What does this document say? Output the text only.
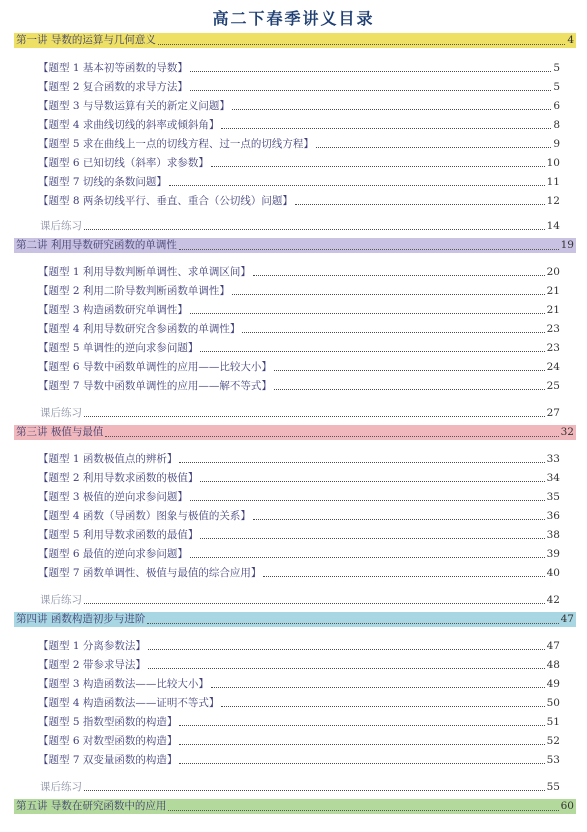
高二下春季讲义目录
第一讲 导数的运算与几何意义	4
【题型 1 基本初等函数的导数】	5
【题型 2 复合函数的求导方法】	5
【题型 3 与导数运算有关的新定义问题】	6
【题型 4 求曲线切线的斜率或倾斜角】	8
【题型 5 求在曲线上一点的切线方程、过一点的切线方程】	9
【题型 6 已知切线（斜率）求参数】	10
【题型 7 切线的条数问题】	11
【题型 8 两条切线平行、垂直、重合（公切线）问题】	12
课后练习	14
第二讲 利用导数研究函数的单调性	19
【题型 1 利用导数判断单调性、求单调区间】	20
【题型 2 利用二阶导数判断函数单调性】	21
【题型 3 构造函数研究单调性】	21
【题型 4 利用导数研究含参函数的单调性】	23
【题型 5 单调性的逆向求参问题】	23
【题型 6 导数中函数单调性的应用——比较大小】	24
【题型 7 导数中函数单调性的应用——解不等式】	25
课后练习	27
第三讲 极值与最值	32
【题型 1 函数极值点的辨析】	33
【题型 2 利用导数求函数的极值】	34
【题型 3 极值的逆向求参问题】	35
【题型 4 函数（导函数）图象与极值的关系】	36
【题型 5 利用导数求函数的最值】	38
【题型 6 最值的逆向求参问题】	39
【题型 7 函数单调性、极值与最值的综合应用】	40
课后练习	42
第四讲 函数构造初步与进阶	47
【题型 1 分离参数法】	47
【题型 2 带参求导法】	48
【题型 3 构造函数法——比较大小】	49
【题型 4 构造函数法——证明不等式】	50
【题型 5 指数型函数的构造】	51
【题型 6 对数型函数的构造】	52
【题型 7 双变量函数的构造】	53
课后练习	55
第五讲 导数在研究函数中的应用	60
